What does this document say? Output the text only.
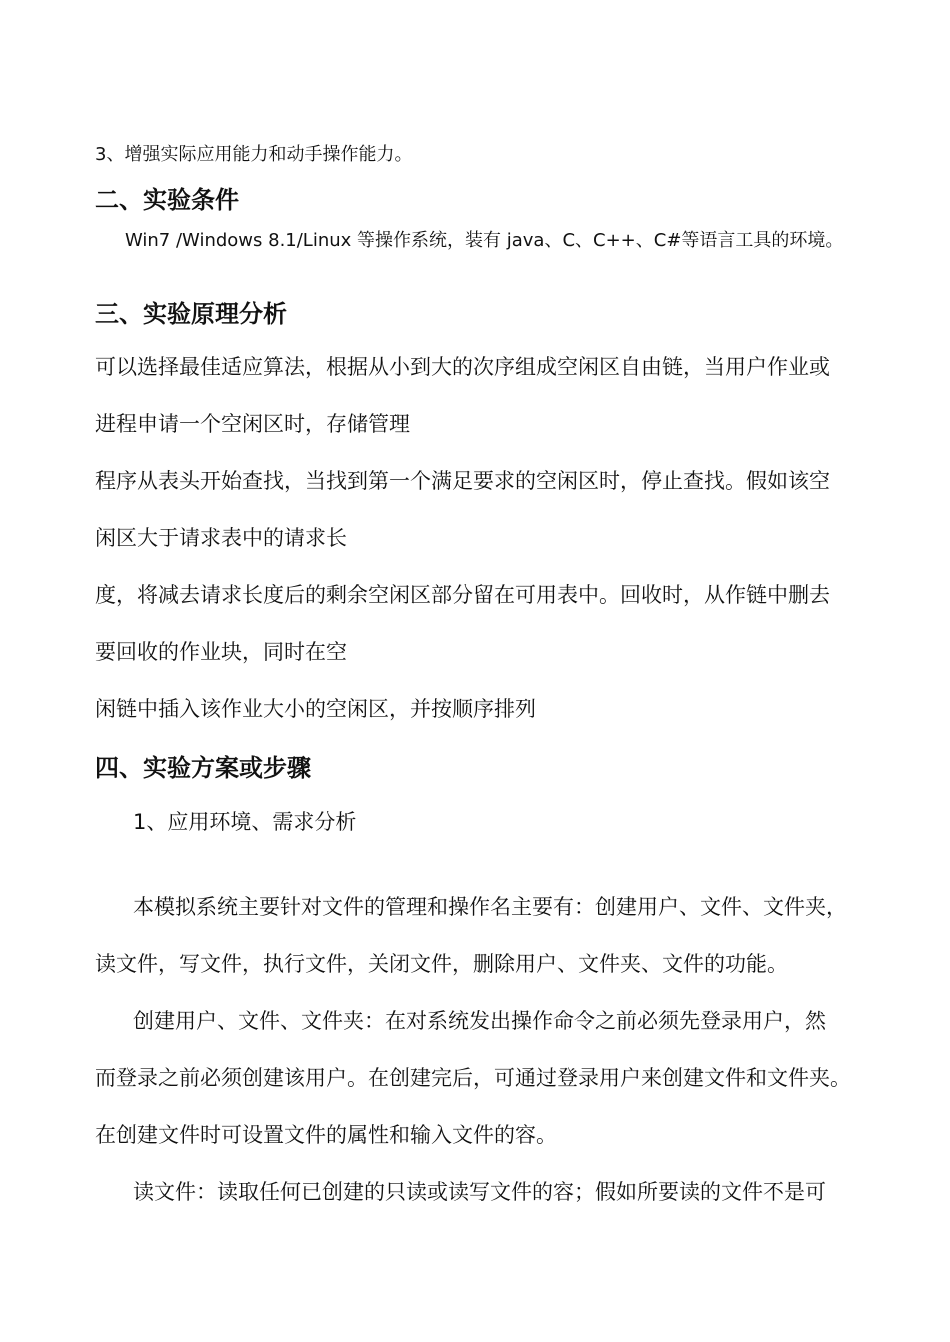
3、增强实际应用能力和动手操作能力。
二、实验条件
Win7 /Windows 8.1/Linux 等操作系统，装有 java、C、C++、C#等语言工具的环境。
三、实验原理分析
可以选择最佳适应算法，根据从小到大的次序组成空闲区自由链，当用户作业或
进程申请一个空闲区时，存储管理
程序从表头开始查找，当找到第一个满足要求的空闲区时，停止查找。假如该空
闲区大于请求表中的请求长
度，将减去请求长度后的剩余空闲区部分留在可用表中。回收时，从作链中删去
要回收的作业块，同时在空
闲链中插入该作业大小的空闲区，并按顺序排列
四、实验方案或步骤
1、应用环境、需求分析
本模拟系统主要针对文件的管理和操作名主要有：创建用户、文件、文件夹，
读文件，写文件，执行文件，关闭文件，删除用户、文件夹、文件的功能。
创建用户、文件、文件夹：在对系统发出操作命令之前必须先登录用户，然
而登录之前必须创建该用户。在创建完后，可通过登录用户来创建文件和文件夹。
在创建文件时可设置文件的属性和输入文件的容。
读文件：读取任何已创建的只读或读写文件的容；假如所要读的文件不是可
